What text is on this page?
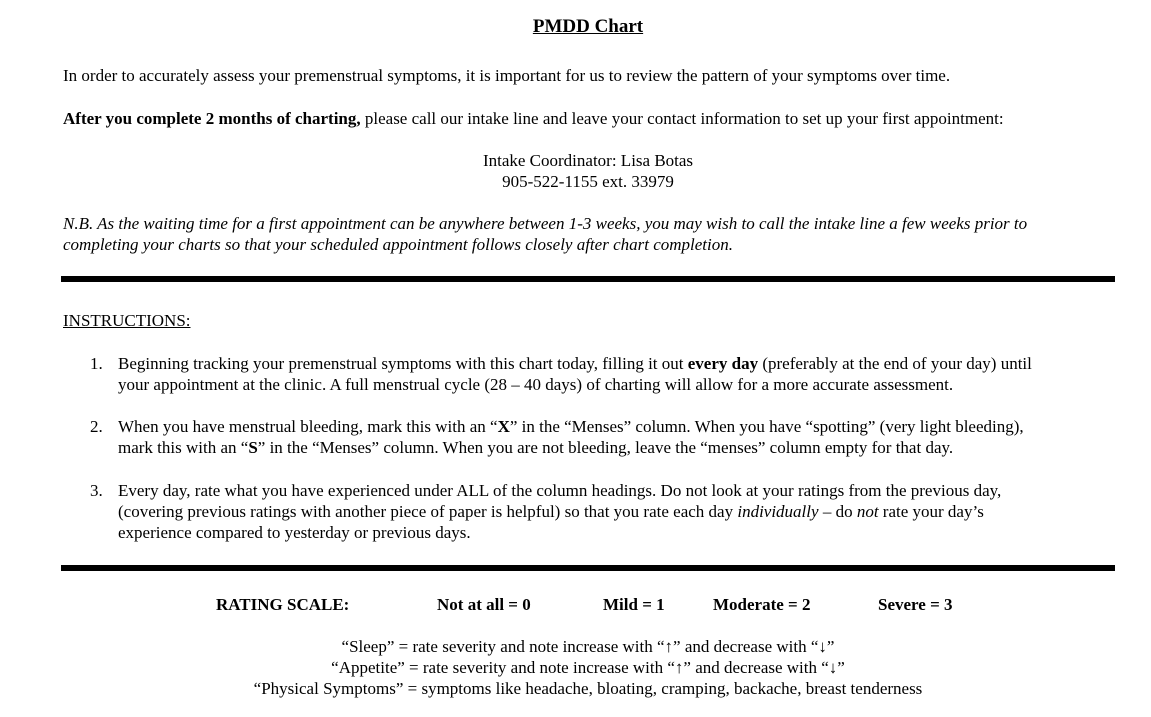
PMDD Chart
In order to accurately assess your premenstrual symptoms, it is important for us to review the pattern of your symptoms over time.
After you complete 2 months of charting, please call our intake line and leave your contact information to set up your first appointment:
Intake Coordinator: Lisa Botas
905-522-1155 ext. 33979
N.B. As the waiting time for a first appointment can be anywhere between 1-3 weeks, you may wish to call the intake line a few weeks prior to
completing your charts so that your scheduled appointment follows closely after chart completion.
INSTRUCTIONS:
1. Beginning tracking your premenstrual symptoms with this chart today, filling it out every day (preferably at the end of your day) until
your appointment at the clinic. A full menstrual cycle (28 – 40 days) of charting will allow for a more accurate assessment.
2. When you have menstrual bleeding, mark this with an “X” in the “Menses” column. When you have “spotting” (very light bleeding),
mark this with an “S” in the “Menses” column. When you are not bleeding, leave the “menses” column empty for that day.
3. Every day, rate what you have experienced under ALL of the column headings. Do not look at your ratings from the previous day,
(covering previous ratings with another piece of paper is helpful) so that you rate each day individually – do not rate your day’s
experience compared to yesterday or previous days.
RATING SCALE:	Not at all = 0	Mild = 1	Moderate = 2	Severe = 3
“Sleep” = rate severity and note increase with “↑” and decrease with “↓”
“Appetite” = rate severity and note increase with “↑” and decrease with “↓”
“Physical Symptoms” = symptoms like headache, bloating, cramping, backache, breast tenderness
